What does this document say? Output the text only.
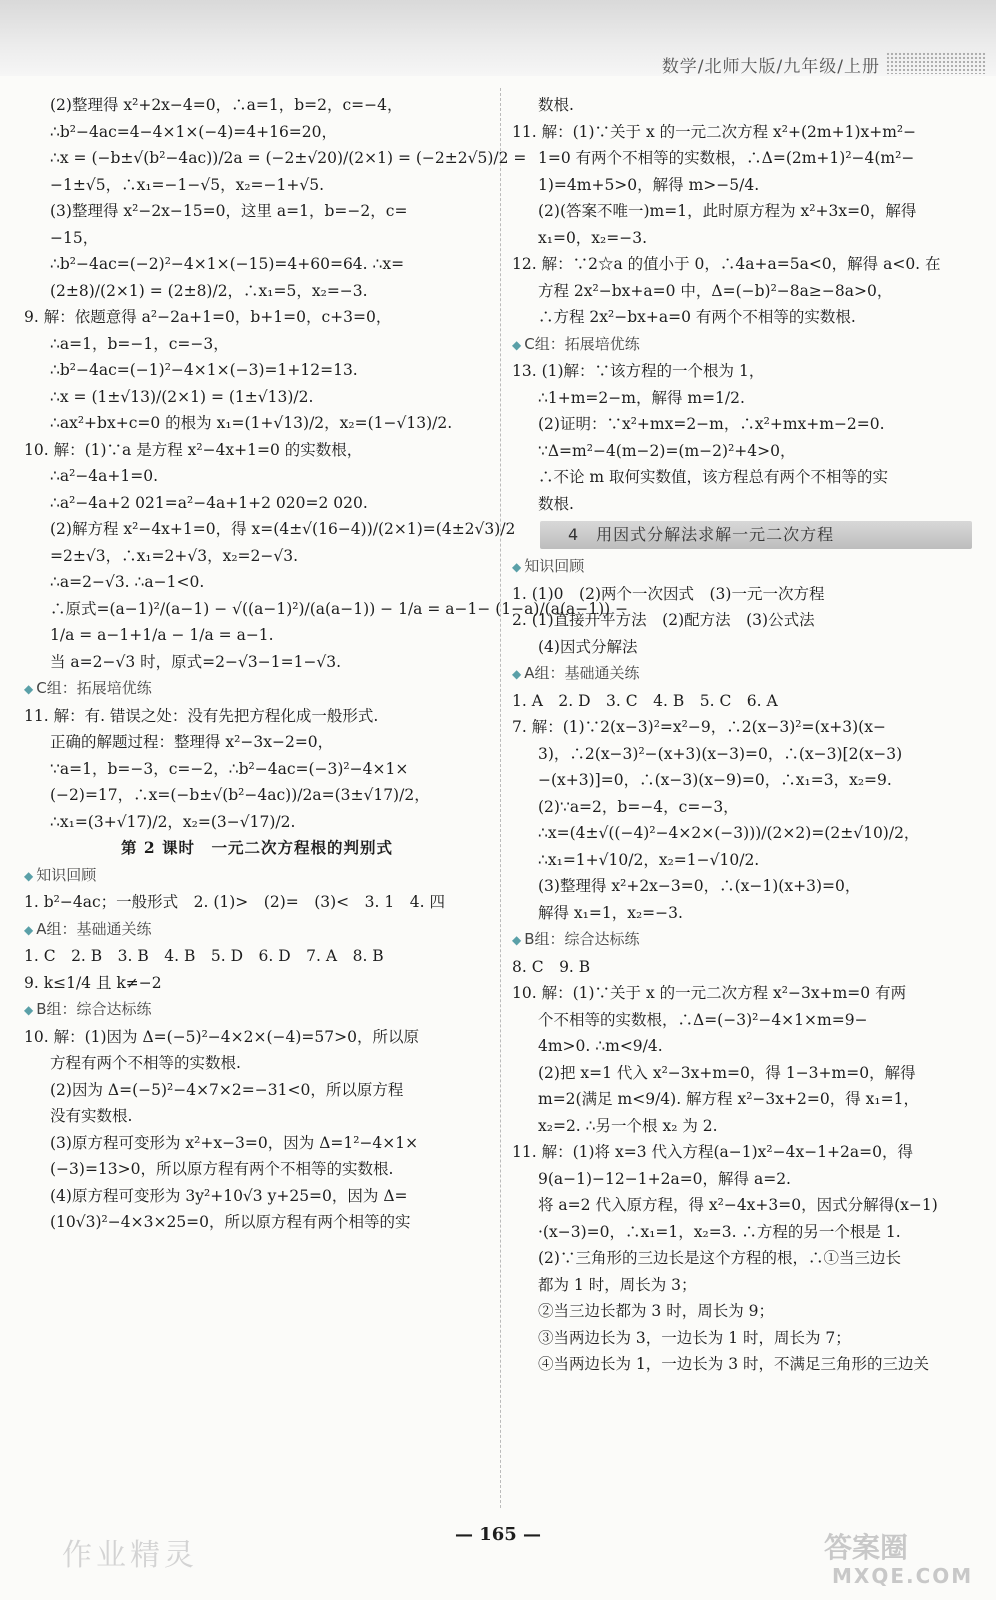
数学/北师大版/九年级/上册
(2)整理得 x²+2x−4=0，∴a=1，b=2，c=−4，
∴b²−4ac=4−4×1×(−4)=4+16=20，
∴x = (−b±√(b²−4ac))/2a = (−2±√20)/(2×1) = (−2±2√5)/2 =
−1±√5，∴x₁=−1−√5，x₂=−1+√5.
(3)整理得 x²−2x−15=0，这里 a=1，b=−2，c=
−15，
∴b²−4ac=(−2)²−4×1×(−15)=4+60=64. ∴x=
(2±8)/(2×1) = (2±8)/2，∴x₁=5，x₂=−3.
9. 解：依题意得 a²−2a+1=0，b+1=0，c+3=0，
∴a=1，b=−1，c=−3，
∴b²−4ac=(−1)²−4×1×(−3)=1+12=13.
∴x = (1±√13)/(2×1) = (1±√13)/2.
∴ax²+bx+c=0 的根为 x₁=(1+√13)/2，x₂=(1−√13)/2.
10. 解：(1)∵a 是方程 x²−4x+1=0 的实数根，
∴a²−4a+1=0.
∴a²−4a+2 021=a²−4a+1+2 020=2 020.
(2)解方程 x²−4x+1=0，得 x=(4±√(16−4))/(2×1)=(4±2√3)/2
=2±√3，∴x₁=2+√3，x₂=2−√3.
∴a=2−√3. ∴a−1<0.
∴原式=(a−1)²/(a−1) − √((a−1)²)/(a(a−1)) − 1/a = a−1− (1−a)/(a(a−1)) −
1/a = a−1+1/a − 1/a = a−1.
当 a=2−√3 时，原式=2−√3−1=1−√3.
◆ C组：拓展培优练
11. 解：有. 错误之处：没有先把方程化成一般形式.
正确的解题过程：整理得 x²−3x−2=0，
∵a=1，b=−3，c=−2，∴b²−4ac=(−3)²−4×1×
(−2)=17，∴x=(−b±√(b²−4ac))/2a=(3±√17)/2，
∴x₁=(3+√17)/2，x₂=(3−√17)/2.
第 2 课时　一元二次方程根的判别式
◆ 知识回顾
1. b²−4ac；一般形式　2. (1)>　(2)=　(3)<　3. 1　4. 四
◆ A组：基础通关练
1. C　2. B　3. B　4. B　5. D　6. D　7. A　8. B
9. k≤1/4 且 k≠−2
◆ B组：综合达标练
10. 解：(1)因为 Δ=(−5)²−4×2×(−4)=57>0，所以原
方程有两个不相等的实数根.
(2)因为 Δ=(−5)²−4×7×2=−31<0，所以原方程
没有实数根.
(3)原方程可变形为 x²+x−3=0，因为 Δ=1²−4×1×
(−3)=13>0，所以原方程有两个不相等的实数根.
(4)原方程可变形为 3y²+10√3 y+25=0，因为 Δ=
(10√3)²−4×3×25=0，所以原方程有两个相等的实
数根.
11. 解：(1)∵关于 x 的一元二次方程 x²+(2m+1)x+m²−
1=0 有两个不相等的实数根，∴Δ=(2m+1)²−4(m²−
1)=4m+5>0，解得 m>−5/4.
(2)(答案不唯一)m=1，此时原方程为 x²+3x=0，解得
x₁=0，x₂=−3.
12. 解：∵2☆a 的值小于 0，∴4a+a=5a<0，解得 a<0. 在
方程 2x²−bx+a=0 中，Δ=(−b)²−8a≥−8a>0，
∴方程 2x²−bx+a=0 有两个不相等的实数根.
◆ C组：拓展培优练
13. (1)解：∵该方程的一个根为 1，
∴1+m=2−m，解得 m=1/2.
(2)证明：∵x²+mx=2−m，∴x²+mx+m−2=0.
∵Δ=m²−4(m−2)=(m−2)²+4>0，
∴不论 m 取何实数值，该方程总有两个不相等的实
数根.
4　用因式分解法求解一元二次方程
◆ 知识回顾
1. (1)0　(2)两个一次因式　(3)一元一次方程
2. (1)直接开平方法　(2)配方法　(3)公式法
(4)因式分解法
◆ A组：基础通关练
1. A　2. D　3. C　4. B　5. C　6. A
7. 解：(1)∵2(x−3)²=x²−9，∴2(x−3)²=(x+3)(x−
3)，∴2(x−3)²−(x+3)(x−3)=0，∴(x−3)[2(x−3)
−(x+3)]=0，∴(x−3)(x−9)=0，∴x₁=3，x₂=9.
(2)∵a=2，b=−4，c=−3，
∴x=(4±√((−4)²−4×2×(−3)))/(2×2)=(2±√10)/2，
∴x₁=1+√10/2，x₂=1−√10/2.
(3)整理得 x²+2x−3=0，∴(x−1)(x+3)=0，
解得 x₁=1，x₂=−3.
◆ B组：综合达标练
8. C　9. B
10. 解：(1)∵关于 x 的一元二次方程 x²−3x+m=0 有两
个不相等的实数根，∴Δ=(−3)²−4×1×m=9−
4m>0. ∴m<9/4.
(2)把 x=1 代入 x²−3x+m=0，得 1−3+m=0，解得
m=2(满足 m<9/4). 解方程 x²−3x+2=0，得 x₁=1，
x₂=2. ∴另一个根 x₂ 为 2.
11. 解：(1)将 x=3 代入方程(a−1)x²−4x−1+2a=0，得
9(a−1)−12−1+2a=0，解得 a=2.
将 a=2 代入原方程，得 x²−4x+3=0，因式分解得(x−1)
·(x−3)=0，∴x₁=1，x₂=3. ∴方程的另一个根是 1.
(2)∵三角形的三边长是这个方程的根，∴①当三边长
都为 1 时，周长为 3；
②当三边长都为 3 时，周长为 9；
③当两边长为 3，一边长为 1 时，周长为 7；
④当两边长为 1，一边长为 3 时，不满足三角形的三边关
— 165 —
作业精灵	答案圈
MXQE.COM
